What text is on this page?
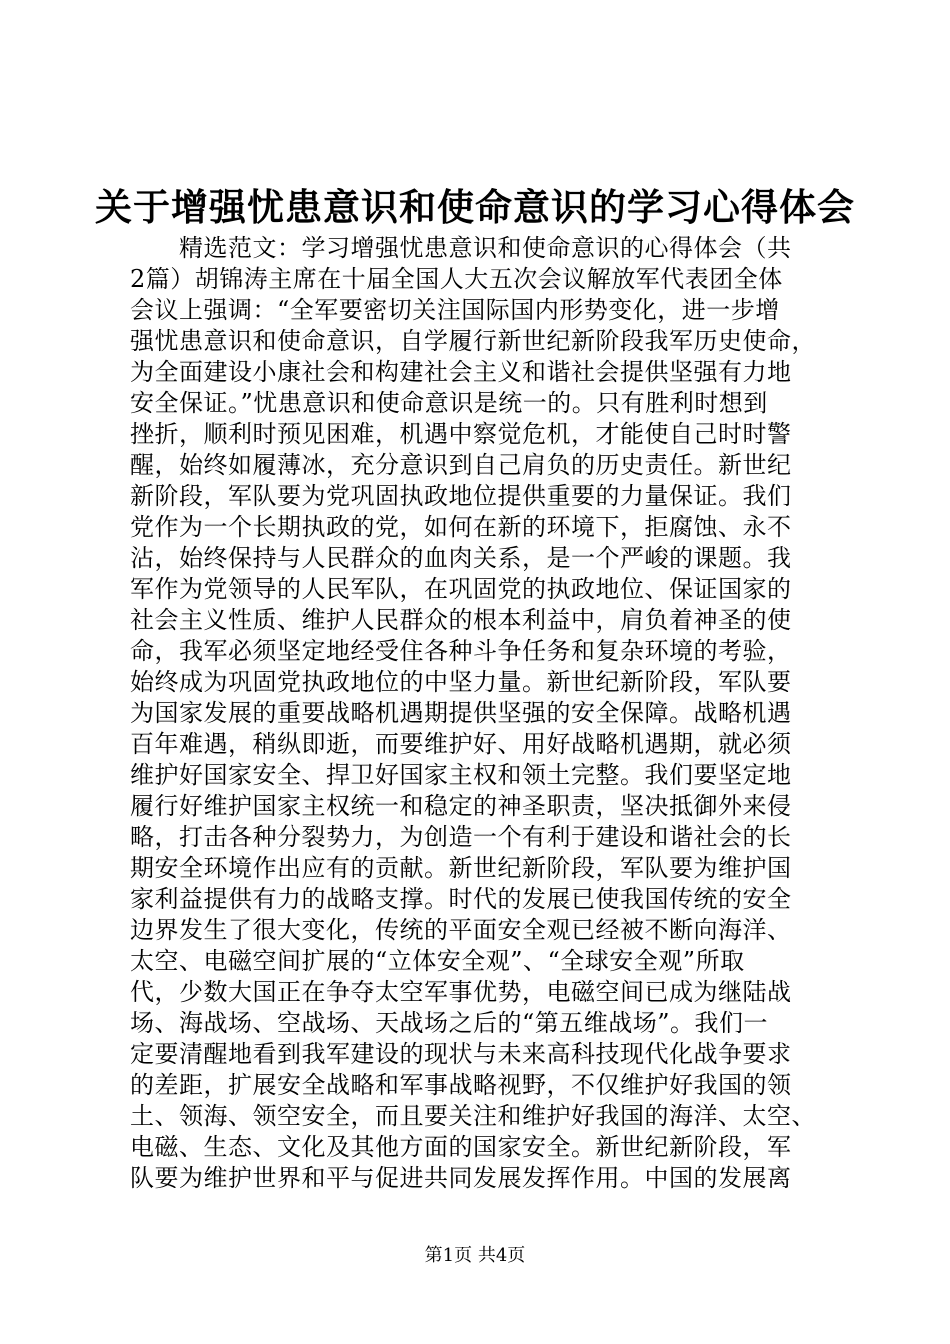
关于增强忧患意识和使命意识的学习心得体会
　　精选范文：学习增强忧患意识和使命意识的心得体会（共
2篇）胡锦涛主席在十届全国人大五次会议解放军代表团全体
会议上强调：“全军要密切关注国际国内形势变化，进一步增
强忧患意识和使命意识，自学履行新世纪新阶段我军历史使命，
为全面建设小康社会和构建社会主义和谐社会提供坚强有力地
安全保证。”忧患意识和使命意识是统一的。只有胜利时想到
挫折，顺利时预见困难，机遇中察觉危机，才能使自己时时警
醒，始终如履薄冰，充分意识到自己肩负的历史责任。新世纪
新阶段，军队要为党巩固执政地位提供重要的力量保证。我们
党作为一个长期执政的党，如何在新的环境下，拒腐蚀、永不
沾，始终保持与人民群众的血肉关系，是一个严峻的课题。我
军作为党领导的人民军队，在巩固党的执政地位、保证国家的
社会主义性质、维护人民群众的根本利益中，肩负着神圣的使
命，我军必须坚定地经受住各种斗争任务和复杂环境的考验，
始终成为巩固党执政地位的中坚力量。新世纪新阶段，军队要
为国家发展的重要战略机遇期提供坚强的安全保障。战略机遇
百年难遇，稍纵即逝，而要维护好、用好战略机遇期，就必须
维护好国家安全、捍卫好国家主权和领土完整。我们要坚定地
履行好维护国家主权统一和稳定的神圣职责，坚决抵御外来侵
略，打击各种分裂势力，为创造一个有利于建设和谐社会的长
期安全环境作出应有的贡献。新世纪新阶段，军队要为维护国
家利益提供有力的战略支撑。时代的发展已使我国传统的安全
边界发生了很大变化，传统的平面安全观已经被不断向海洋、
太空、电磁空间扩展的“立体安全观”、“全球安全观”所取
代，少数大国正在争夺太空军事优势，电磁空间已成为继陆战
场、海战场、空战场、天战场之后的“第五维战场”。我们一
定要清醒地看到我军建设的现状与未来高科技现代化战争要求
的差距，扩展安全战略和军事战略视野，不仅维护好我国的领
土、领海、领空安全，而且要关注和维护好我国的海洋、太空、
电磁、生态、文化及其他方面的国家安全。新世纪新阶段，军
队要为维护世界和平与促进共同发展发挥作用。中国的发展离
第1页 共4页
